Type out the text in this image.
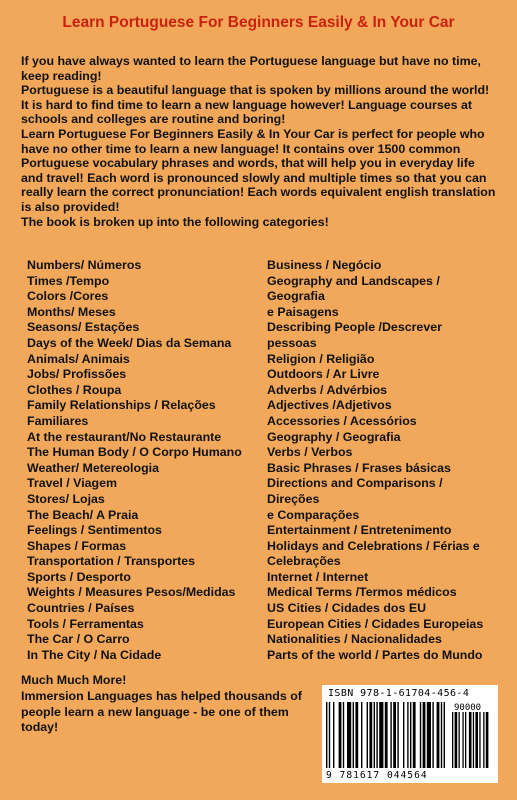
Learn Portuguese For Beginners Easily & In Your Car

If you have always wanted to learn the Portuguese language but have no time, keep reading!

Portuguese is a beautiful language that is spoken by millions around the world!

It is hard to find time to learn a new language however! Language courses at schools and colleges are routine and boring!

Learn Portuguese For Beginners Easily & In Your Car is perfect for people who have no other time to learn a new language! It contains over 1500 common Portuguese vocabulary phrases and words, that will help you in everyday life and travel! Each word is pronounced slowly and multiple times so that you can really learn the correct pronunciation! Each words equivalent english translation is also provided!

The book is broken up into the following categories!

Numbers/ Números
Times /Tempo
Colors /Cores
Months/ Meses
Seasons/ Estações
Days of the Week/ Dias da Semana
Animals/ Animais
Jobs/ Profissões
Clothes / Roupa
Family Relationships / Relações
Familiares
At the restaurant/No Restaurante
The Human Body / O Corpo Humano
Weather/ Metereologia
Travel / Viagem
Stores/ Lojas
The Beach/ A Praia
Feelings / Sentimentos
Shapes / Formas
Transportation / Transportes
Sports / Desporto
Weights / Measures Pesos/Medidas
Countries / Países
Tools / Ferramentas
The Car / O Carro
In The City / Na Cidade
Business / Negócio
Geography and Landscapes /
Geografia
e Paisagens
Describing People /Descrever
pessoas
Religion / Religião
Outdoors / Ar Livre
Adverbs / Advérbios
Adjectives /Adjetivos
Accessories / Acessórios
Geography / Geografia
Verbs / Verbos
Basic Phrases / Frases básicas
Directions and Comparisons /
Direções
e Comparações
Entertainment / Entretenimento
Holidays and Celebrations / Férias e
Celebrações
Internet / Internet
Medical Terms /Termos médicos
US Cities / Cidades dos EU
European Cities / Cidades Europeias
Nationalities / Nacionalidades
Parts of the world / Partes do Mundo

Much Much More!

Immersion Languages has helped thousands of people learn a new language - be one of them today!

ISBN 978-1-61704-456-4
90000
9 781617 044564
